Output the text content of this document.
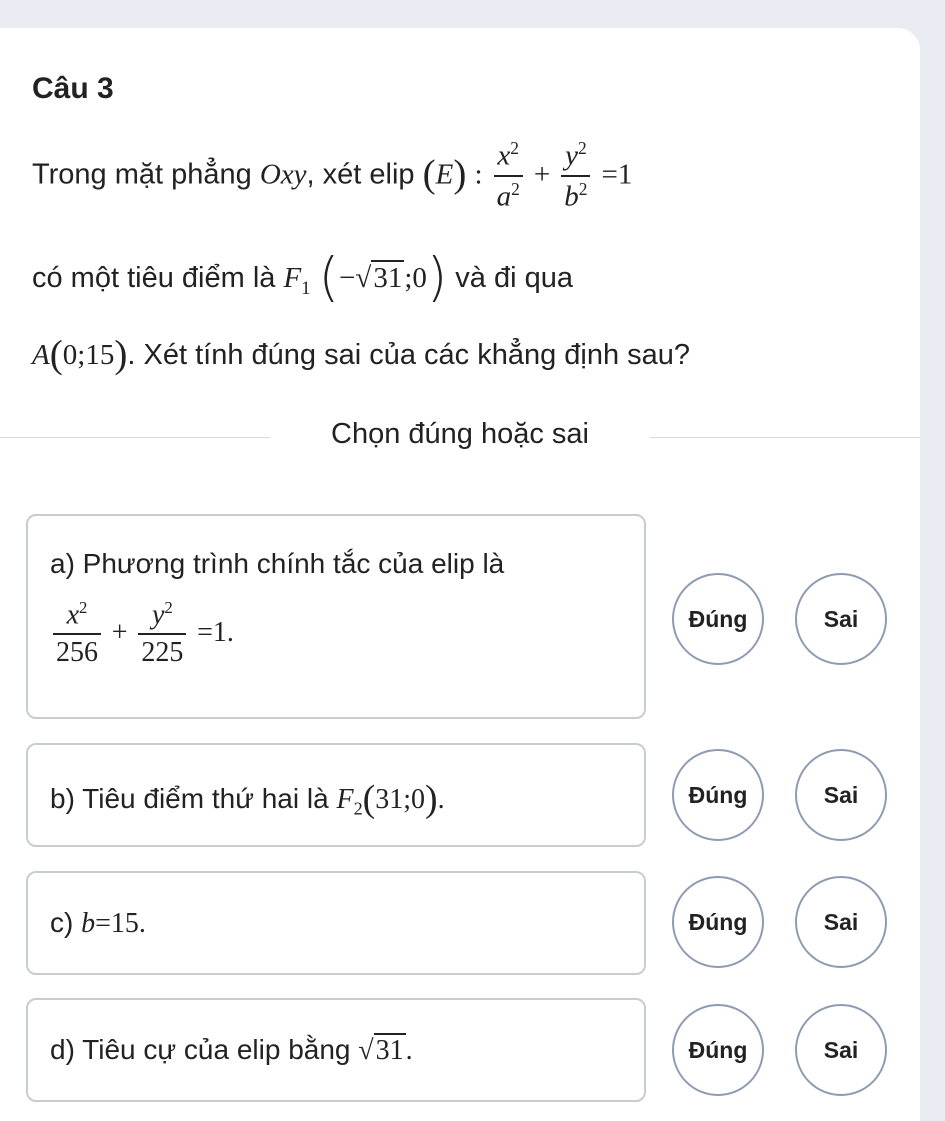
Câu 3
Trong mặt phẳng Oxy, xét elip (E) : $\frac{x^2}{a^2} + \frac{y^2}{b^2} =1$
có một tiêu điểm là $F_1$ (−√31;0) và đi qua
A(0;15). Xét tính đúng sai của các khẳng định sau?
Chọn đúng hoặc sai
a) Phương trình chính tắc của elip là
$\frac{x^2}{256} + \frac{y^2}{225} =1$.	Đúng	Sai
b) Tiêu điểm thứ hai là $F_2(31;0)$.	Đúng	Sai
c) b=15.	Đúng	Sai
d) Tiêu cự của elip bằng √31.	Đúng	Sai
